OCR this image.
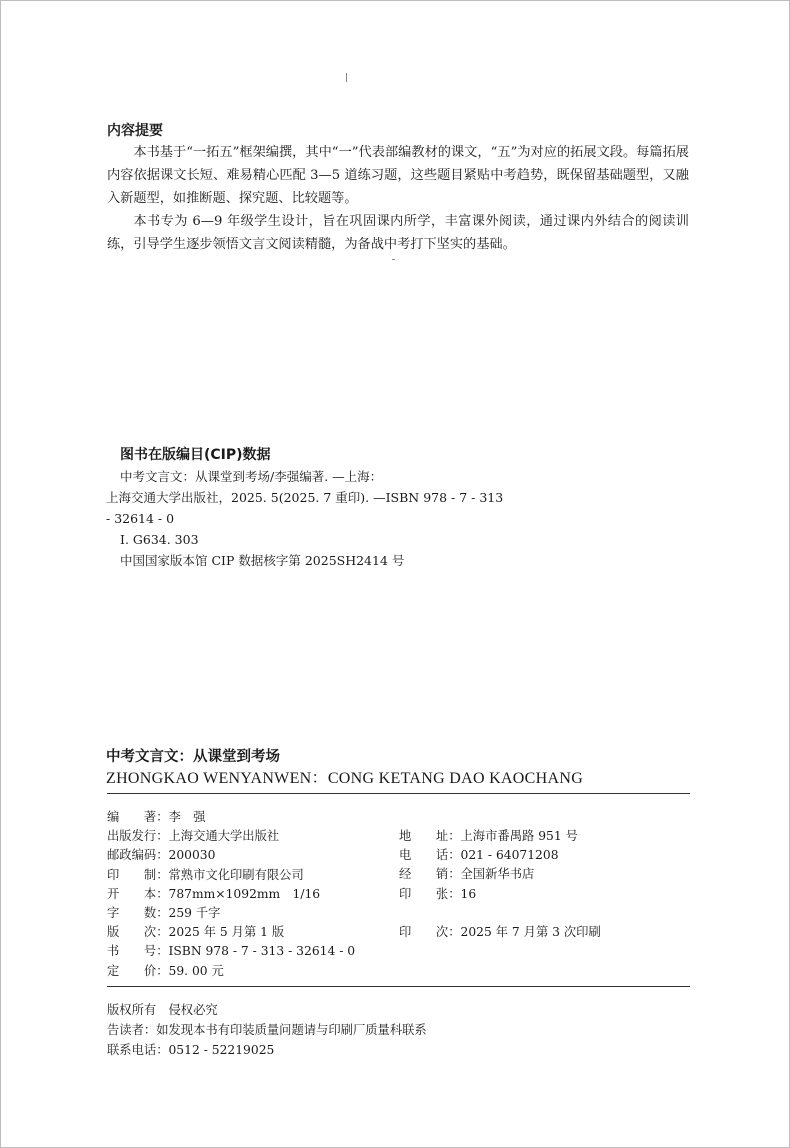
内容提要

本书基于“一拓五”框架编撰，其中“一”代表部编教材的课文，“五”为对应的拓展文段。每篇拓展内容依据课文长短、难易精心匹配 3—5 道练习题，这些题目紧贴中考趋势，既保留基础题型，又融入新题型，如推断题、探究题、比较题等。

本书专为 6—9 年级学生设计，旨在巩固课内所学，丰富课外阅读，通过课内外结合的阅读训练，引导学生逐步领悟文言文阅读精髓，为备战中考打下坚实的基础。

图书在版编目(CIP)数据
中考文言文：从课堂到考场/李强编著. —上海：
上海交通大学出版社，2025. 5(2025. 7 重印). —ISBN 978 - 7 - 313
- 32614 - 0
Ⅰ. G634. 303
中国国家版本馆 CIP 数据核字第 2025SH2414 号
中考文言文：从课堂到考场
ZHONGKAO WENYANWEN：CONG KETANG DAO KAOCHANG
编　　著：李　强
出版发行：上海交通大学出版社
邮政编码：200030
印　　制：常熟市文化印刷有限公司
开　　本：787mm×1092mm　1/16
字　　数：259 千字
版　　次：2025 年 5 月第 1 版
书　　号：ISBN 978 - 7 - 313 - 32614 - 0
定　　价：59. 00 元
地　　址：上海市番禺路 951 号
电　　话：021 - 64071208
经　　销：全国新华书店
印　　张：16
印　　次：2025 年 7 月第 3 次印刷
版权所有　侵权必究
告读者：如发现本书有印装质量问题请与印刷厂质量科联系
联系电话：0512 - 52219025
